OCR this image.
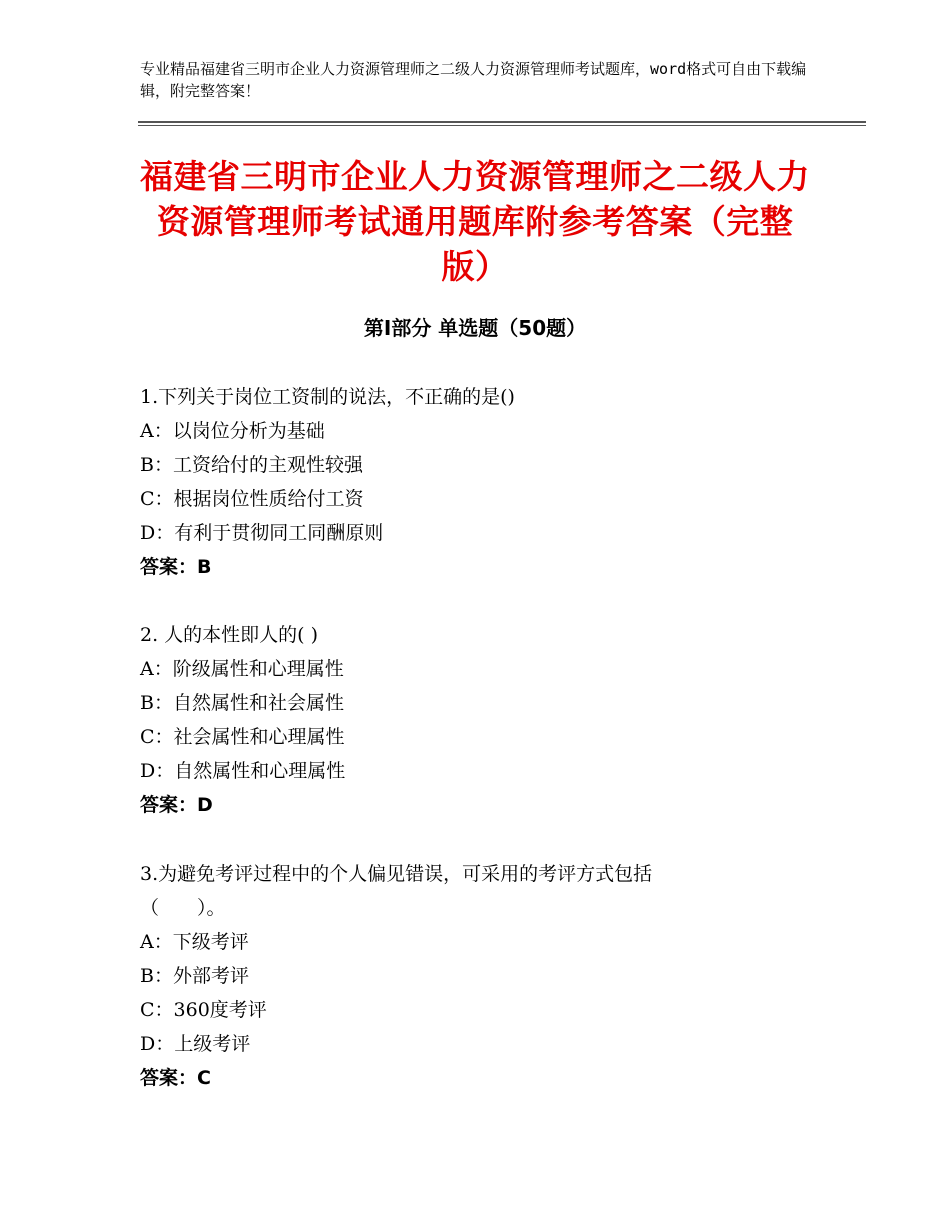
专业精品福建省三明市企业人力资源管理师之二级人力资源管理师考试题库，word格式可自由下载编辑，附完整答案！

福建省三明市企业人力资源管理师之二级人力资源管理师考试通用题库附参考答案（完整版）
第Ⅰ部分 单选题（50题）

1.下列关于岗位工资制的说法，不正确的是()

A：以岗位分析为基础

B：工资给付的主观性较强

C：根据岗位性质给付工资

D：有利于贯彻同工同酬原则

答案：B

2. 人的本性即人的( )

A：阶级属性和心理属性

B：自然属性和社会属性

C：社会属性和心理属性

D：自然属性和心理属性

答案：D

3.为避免考评过程中的个人偏见错误，可采用的考评方式包括

（　　）。

A：下级考评

B：外部考评

C：360度考评

D：上级考评

答案：C
